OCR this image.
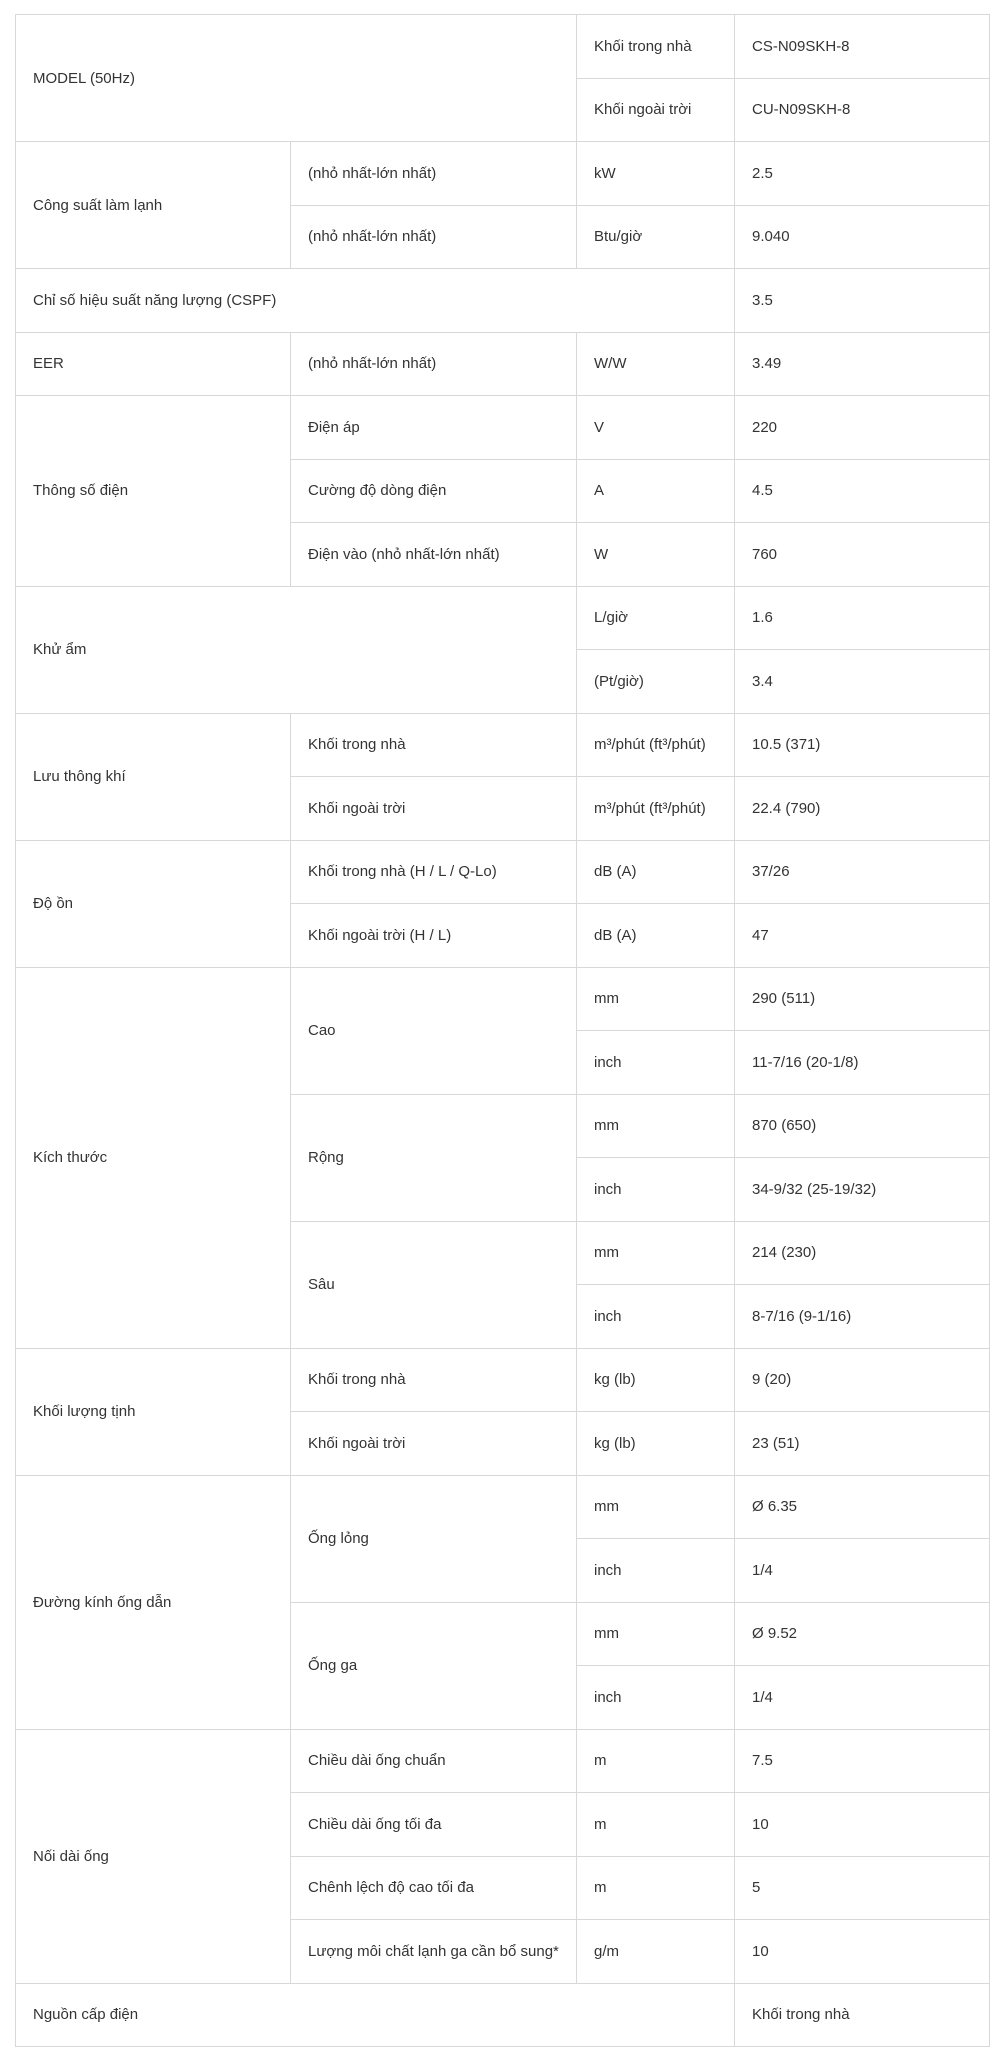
MODEL (50Hz)		Khối trong nhà	CS-N09SKH-8
		Khối ngoài trời	CU-N09SKH-8
Công suất làm lạnh	(nhỏ nhất-lớn nhất)	kW	2.5
	(nhỏ nhất-lớn nhất)	Btu/giờ	9.040
Chỉ số hiệu suất năng lượng (CSPF)			3.5
EER	(nhỏ nhất-lớn nhất)	W/W	3.49
Thông số điện	Điện áp	V	220
	Cường độ dòng điện	A	4.5
	Điện vào (nhỏ nhất-lớn nhất)	W	760
Khử ẩm		L/giờ	1.6
		(Pt/giờ)	3.4
Lưu thông khí	Khối trong nhà	m³/phút (ft³/phút)	10.5 (371)
	Khối ngoài trời	m³/phút (ft³/phút)	22.4 (790)
Độ ồn	Khối trong nhà (H / L / Q-Lo)	dB (A)	37/26
	Khối ngoài trời (H / L)	dB (A)	47
Kích thước	Cao	mm	290 (511)
		inch	11-7/16 (20-1/8)
	Rộng	mm	870 (650)
		inch	34-9/32 (25-19/32)
	Sâu	mm	214 (230)
		inch	8-7/16 (9-1/16)
Khối lượng tịnh	Khối trong nhà	kg (lb)	9 (20)
	Khối ngoài trời	kg (lb)	23 (51)
Đường kính ống dẫn	Ống lỏng	mm	Ø 6.35
		inch	1/4
	Ống ga	mm	Ø 9.52
		inch	1/4
Nối dài ống	Chiều dài ống chuẩn	m	7.5
	Chiều dài ống tối đa	m	10
	Chênh lệch độ cao tối đa	m	5
	Lượng môi chất lạnh ga cần bổ sung*	g/m	10
Nguồn cấp điện			Khối trong nhà
